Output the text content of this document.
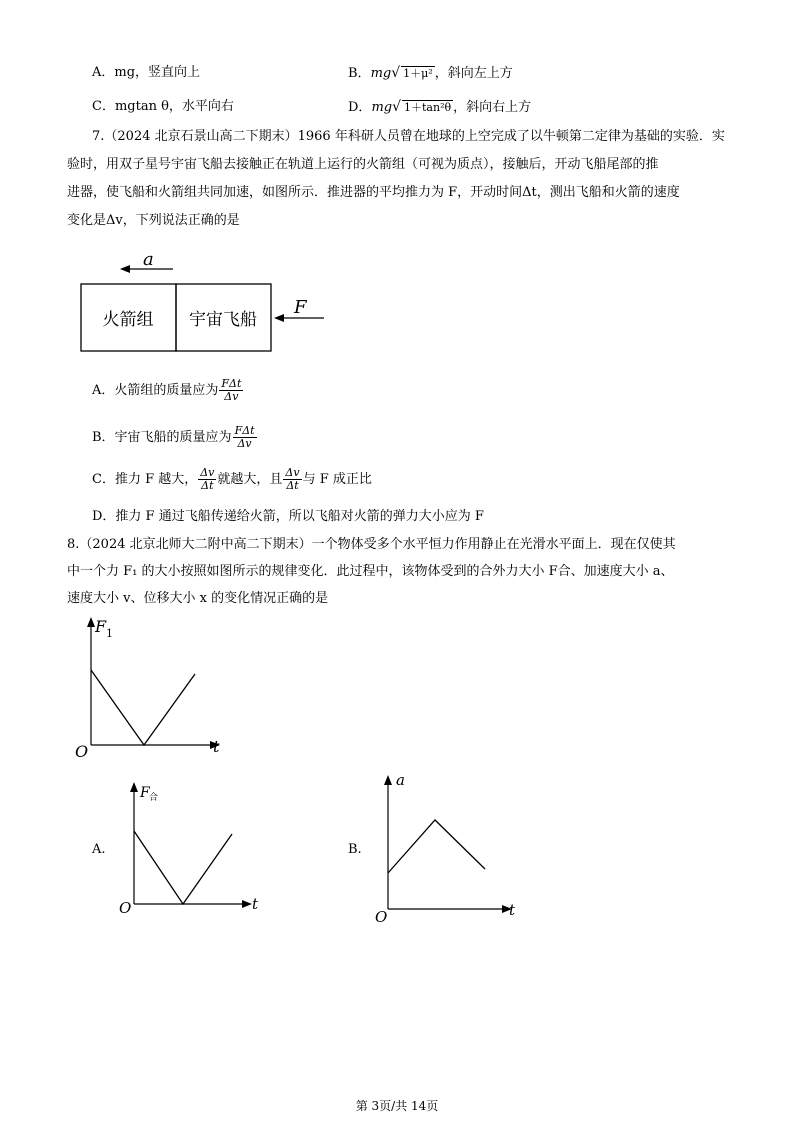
A．mg，竖直向上	B．mg√ 1＋μ² ，斜向左上方
C．mgtan θ，水平向右	D．mg√ 1＋tan²θ ，斜向右上方
7.（2024 北京石景山高二下期末）1966 年科研人员曾在地球的上空完成了以牛顿第二定律为基础的实验．实
验时，用双子星号宇宙飞船去接触正在轨道上运行的火箭组（可视为质点），接触后，开动飞船尾部的推
进器，使飞船和火箭组共同加速，如图所示．推进器的平均推力为 F，开动时间Δt，测出飞船和火箭的速度
变化是Δv，下列说法正确的是
a
火箭组 宇宙飞船
F
A．火箭组的质量应为 $\frac{\text{FΔt}}{\Delta v}$
B．宇宙飞船的质量应为 $\frac{\text{FΔt}}{\Delta v}$
C．推力 F 越大， $\frac{\Delta v}{\Delta t}$ 就越大，且 $\frac{\Delta v}{\Delta t}$ 与 F 成正比
D．推力 F 通过飞船传递给火箭，所以飞船对火箭的弹力大小应为 F
8.（2024 北京北师大二附中高二下期末）一个物体受多个水平恒力作用静止在光滑水平面上．现在仅使其
中一个力 F₁ 的大小按照如图所示的规律变化．此过程中，该物体受到的合外力大小 F合、加速度大小 a、
速度大小 v、位移大小 x 的变化情况正确的是
F 1
O	t
A.
F 合
O	t
B.
a
O	t
第 3页/共 14页
